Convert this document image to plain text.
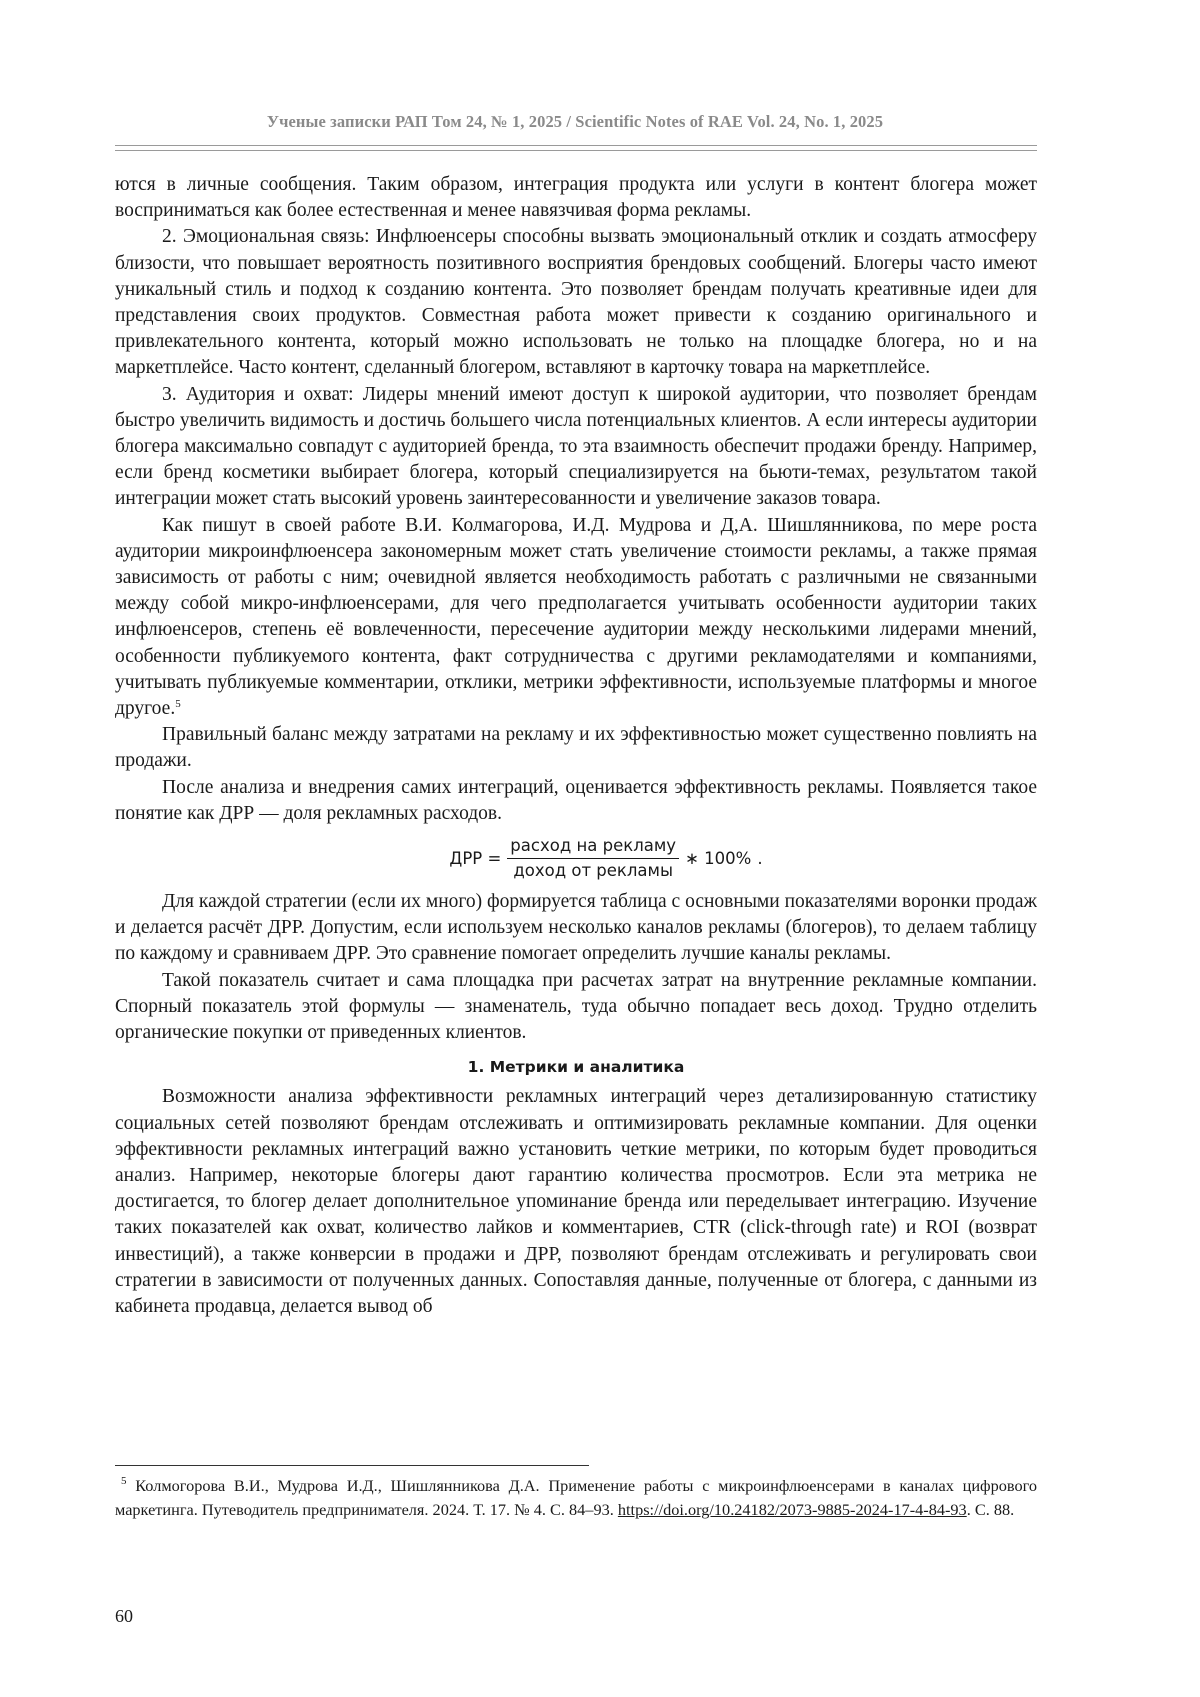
Ученые записки РАП Том 24, № 1, 2025 / Scientific Notes of RAE Vol. 24, No. 1, 2025

ются в личные сообщения. Таким образом, интеграция продукта или услуги в контент блогера может восприниматься как более естественная и менее навязчивая форма рекламы.

2. Эмоциональная связь: Инфлюенсеры способны вызвать эмоциональный отклик и создать атмосферу близости, что повышает вероятность позитивного восприятия брендовых сообщений. Блогеры часто имеют уникальный стиль и подход к созданию контента. Это позволяет брендам получать креативные идеи для представления своих продуктов. Совместная работа может привести к созданию оригинального и привлекательного контента, который можно использовать не только на площадке блогера, но и на маркетплейсе. Часто контент, сделанный блогером, вставляют в карточку товара на маркетплейсе.

3. Аудитория и охват: Лидеры мнений имеют доступ к широкой аудитории, что позволяет брендам быстро увеличить видимость и достичь большего числа потенциальных клиентов. А если интересы аудитории блогера максимально совпадут с аудиторией бренда, то эта взаимность обеспечит продажи бренду. Например, если бренд косметики выбирает блогера, который специализируется на бьюти-темах, результатом такой интеграции может стать высокий уровень заинтересованности и увеличение заказов товара.

Как пишут в своей работе В.И. Колмагорова, И.Д. Мудрова и Д,А. Шишлянникова, по мере роста аудитории микроинфлюенсера закономерным может стать увеличение стоимости рекламы, а также прямая зависимость от работы с ним; очевидной является необходимость работать с различными не связанными между собой микро-инфлюенсерами, для чего предполагается учитывать особенности аудитории таких инфлюенсеров, степень её вовлеченности, пересечение аудитории между несколькими лидерами мнений, особенности публикуемого контента, факт сотрудничества с другими рекламодателями и компаниями, учитывать публикуемые комментарии, отклики, метрики эффективности, используемые платформы и многое другое.$^5$

Правильный баланс между затратами на рекламу и их эффективностью может существенно повлиять на продажи.

После анализа и внедрения самих интеграций, оценивается эффективность рекламы. Появляется такое понятие как ДРР — доля рекламных расходов.

ДРР = $\frac{\text{расход на рекламу}}{\text{доход от рекламы}}$ ∗ 100% .

Для каждой стратегии (если их много) формируется таблица с основными показателями воронки продаж и делается расчёт ДРР. Допустим, если используем несколько каналов рекламы (блогеров), то делаем таблицу по каждому и сравниваем ДРР. Это сравнение помогает определить лучшие каналы рекламы.

Такой показатель считает и сама площадка при расчетах затрат на внутренние рекламные компании. Спорный показатель этой формулы — знаменатель, туда обычно попадает весь доход. Трудно отделить органические покупки от приведенных клиентов.

1. Метрики и аналитика

Возможности анализа эффективности рекламных интеграций через детализированную статистику социальных сетей позволяют брендам отслеживать и оптимизировать рекламные компании. Для оценки эффективности рекламных интеграций важно установить четкие метрики, по которым будет проводиться анализ. Например, некоторые блогеры дают гарантию количества просмотров. Если эта метрика не достигается, то блогер делает дополнительное упоминание бренда или переделывает интеграцию. Изучение таких показателей как охват, количество лайков и комментариев, CTR (click-through rate) и ROI (возврат инвестиций), а также конверсии в продажи и ДРР, позволяют брендам отслеживать и регулировать свои стратегии в зависимости от полученных данных. Сопоставляя данные, полученные от блогера, с данными из кабинета продавца, делается вывод об

$^5$ Колмогорова В.И., Мудрова И.Д., Шишлянникова Д.А. Применение работы с микроинфлюенсерами в каналах цифрового маркетинга. Путеводитель предпринимателя. 2024. Т. 17. № 4. С. 84–93. https://doi.org/10.24182/2073-9885-2024-17-4-84-93. С. 88.
60
